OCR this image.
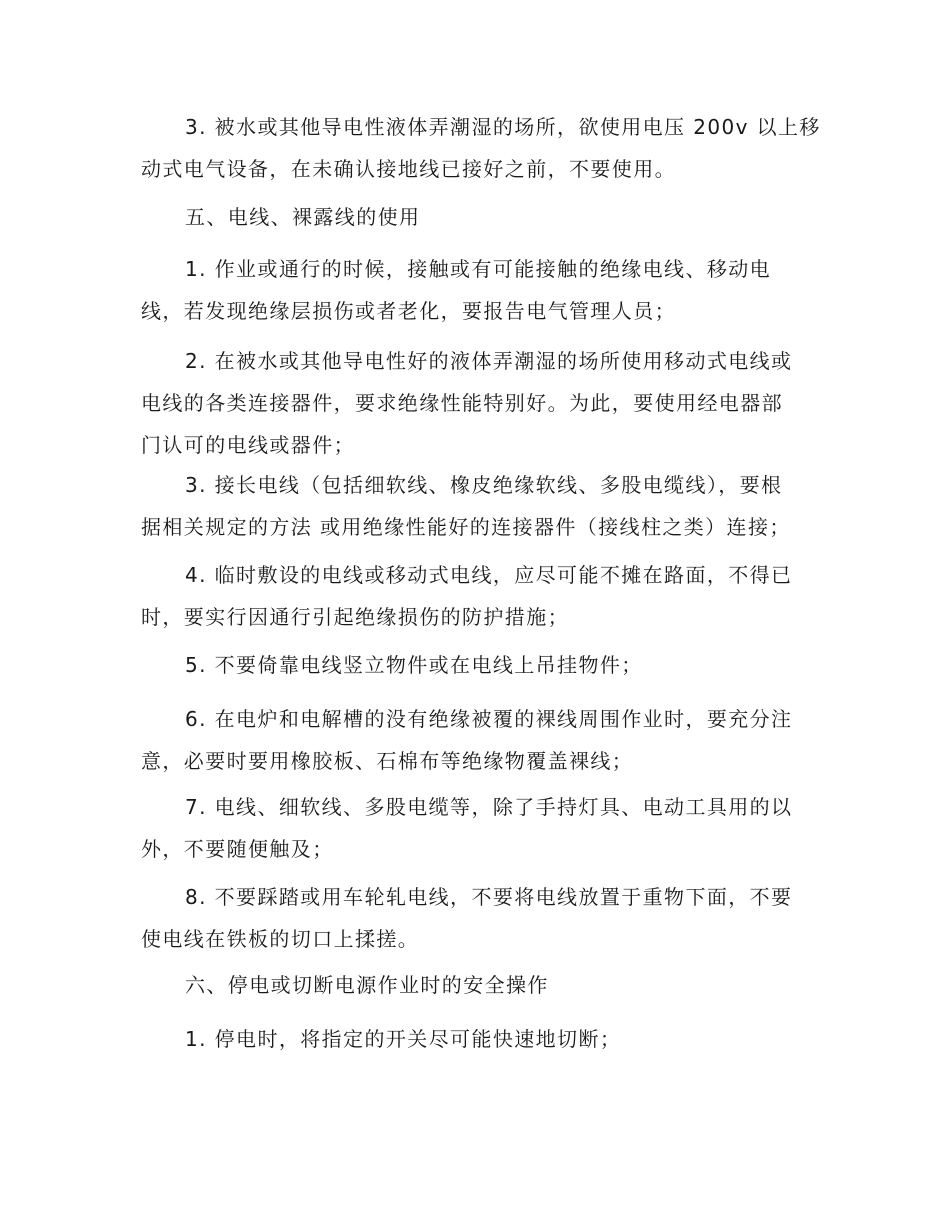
3. 被水或其他导电性液体弄潮湿的场所，欲使用电压 200v 以上移
动式电气设备，在未确认接地线已接好之前，不要使用。
五、电线、裸露线的使用
1. 作业或通行的时候，接触或有可能接触的绝缘电线、移动电
线，若发现绝缘层损伤或者老化，要报告电气管理人员；
2. 在被水或其他导电性好的液体弄潮湿的场所使用移动式电线或
电线的各类连接器件，要求绝缘性能特别好。为此，要使用经电器部
门认可的电线或器件；
3. 接长电线（包括细软线、橡皮绝缘软线、多股电缆线），要根
据相关规定的方法 或用绝缘性能好的连接器件（接线柱之类）连接；
4. 临时敷设的电线或移动式电线，应尽可能不摊在路面，不得已
时，要实行因通行引起绝缘损伤的防护措施；
5. 不要倚靠电线竖立物件或在电线上吊挂物件；
6. 在电炉和电解槽的没有绝缘被覆的裸线周围作业时，要充分注
意，必要时要用橡胶板、石棉布等绝缘物覆盖裸线；
7. 电线、细软线、多股电缆等，除了手持灯具、电动工具用的以
外，不要随便触及；
8. 不要踩踏或用车轮轧电线，不要将电线放置于重物下面，不要
使电线在铁板的切口上揉搓。
六、停电或切断电源作业时的安全操作
1. 停电时，将指定的开关尽可能快速地切断；
